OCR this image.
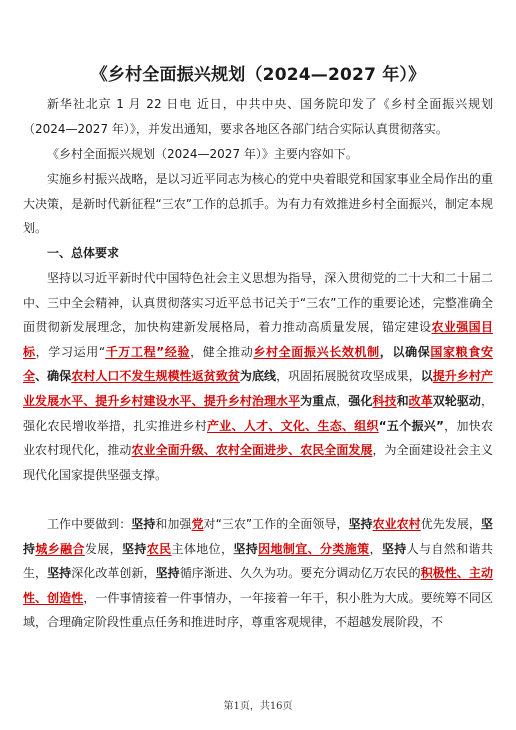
《乡村全面振兴规划（2024—2027 年）》

新华社北京 1 月 22 日电 近日，中共中央、国务院印发了《乡村全面振兴规划（2024—2027 年）》，并发出通知，要求各地区各部门结合实际认真贯彻落实。

《乡村全面振兴规划（2024—2027 年）》主要内容如下。

实施乡村振兴战略，是以习近平同志为核心的党中央着眼党和国家事业全局作出的重大决策，是新时代新征程“三农”工作的总抓手。为有力有效推进乡村全面振兴，制定本规划。

一、总体要求

坚持以习近平新时代中国特色社会主义思想为指导，深入贯彻党的二十大和二十届二中、三中全会精神，认真贯彻落实习近平总书记关于“三农”工作的重要论述，完整准确全面贯彻新发展理念，加快构建新发展格局，着力推动高质量发展，锚定建设农业强国目标，学习运用“千万工程”经验，健全推动乡村全面振兴长效机制，以确保国家粮食安全、确保农村人口不发生规模性返贫致贫为底线，巩固拓展脱贫攻坚成果，以提升乡村产业发展水平、提升乡村建设水平、提升乡村治理水平为重点，强化科技和改革双轮驱动，强化农民增收举措，扎实推进乡村产业、人才、文化、生态、组织“五个振兴”，加快农业农村现代化，推动农业全面升级、农村全面进步、农民全面发展，为全面建设社会主义现代化国家提供坚强支撑。

工作中要做到：坚持和加强党对“三农”工作的全面领导，坚持农业农村优先发展，坚持城乡融合发展，坚持农民主体地位，坚持因地制宜、分类施策，坚持人与自然和谐共生，坚持深化改革创新，坚持循序渐进、久久为功。要充分调动亿万农民的积极性、主动性、创造性，一件事情接着一件事情办，一年接着一年干，积小胜为大成。要统筹不同区域，合理确定阶段性重点任务和推进时序，尊重客观规律，不超越发展阶段，不

第1页，共16页
